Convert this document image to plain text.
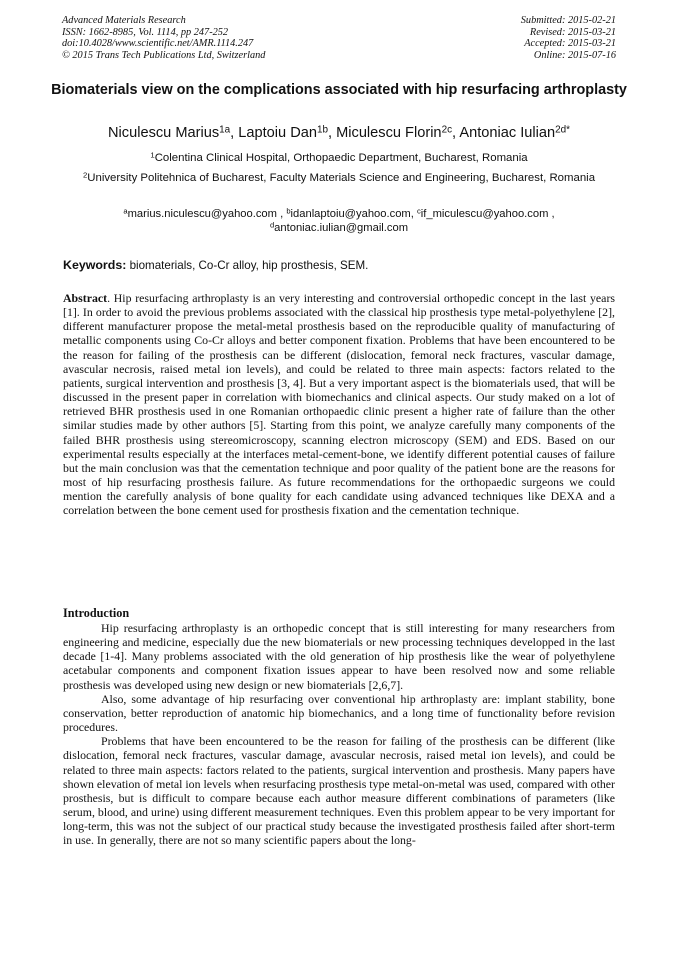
Advanced Materials Research
ISSN: 1662-8985, Vol. 1114, pp 247-252
doi:10.4028/www.scientific.net/AMR.1114.247
© 2015 Trans Tech Publications Ltd, Switzerland
Submitted: 2015-02-21
Revised: 2015-03-21
Accepted: 2015-03-21
Online: 2015-07-16
Biomaterials view on the complications associated with hip resurfacing arthroplasty
Niculescu Marius$^{1a}$, Laptoiu Dan$^{1b}$, Miculescu Florin$^{2c}$, Antoniac Iulian$^{2d*}$
$^1$Colentina Clinical Hospital, Orthopaedic Department, Bucharest, Romania
$^2$University Politehnica of Bucharest, Faculty Materials Science and Engineering, Bucharest, Romania
$^a$marius.niculescu@yahoo.com , $^b$idanlaptoiu@yahoo.com, $^c$if_miculescu@yahoo.com ,
$^d$antoniac.iulian@gmail.com
Keywords: biomaterials, Co-Cr alloy, hip prosthesis, SEM.
Abstract. Hip resurfacing arthroplasty is an very interesting and controversial orthopedic concept in the last years [1]. In order to avoid the previous problems associated with the classical hip prosthesis type metal-polyethylene [2], different manufacturer propose the metal-metal prosthesis based on the reproducible quality of manufacturing of metallic components using Co-Cr alloys and better component fixation. Problems that have been encountered to be the reason for failing of the prosthesis can be different (dislocation, femoral neck fractures, vascular damage, avascular necrosis, raised metal ion levels), and could be related to three main aspects: factors related to the patients, surgical intervention and prosthesis [3, 4]. But a very important aspect is the biomaterials used, that will be discussed in the present paper in correlation with biomechanics and clinical aspects. Our study maked on a lot of retrieved BHR prosthesis used in one Romanian orthopaedic clinic present a higher rate of failure than the other similar studies made by other authors [5]. Starting from this point, we analyze carefully many components of the failed BHR prosthesis using stereomicroscopy, scanning electron microscopy (SEM) and EDS. Based on our experimental results especially at the interfaces metal-cement-bone, we identify different potential causes of failure but the main conclusion was that the cementation technique and poor quality of the patient bone are the reasons for most of hip resurfacing prosthesis failure. As future recommendations for the orthopaedic surgeons we could mention the carefully analysis of bone quality for each candidate using advanced techniques like DEXA and a correlation between the bone cement used for prosthesis fixation and the cementation technique.
Introduction

Hip resurfacing arthroplasty is an orthopedic concept that is still interesting for many researchers from engineering and medicine, especially due the new biomaterials or new processing techniques developped in the last decade [1-4]. Many problems associated with the old generation of hip prosthesis like the wear of polyethylene acetabular components and component fixation issues appear to have been resolved now and some reliable prosthesis was developed using new design or new biomaterials [2,6,7].

Also, some advantage of hip resurfacing over conventional hip arthroplasty are: implant stability, bone conservation, better reproduction of anatomic hip biomechanics, and a long time of functionality before revision procedures.

Problems that have been encountered to be the reason for failing of the prosthesis can be different (like dislocation, femoral neck fractures, vascular damage, avascular necrosis, raised metal ion levels), and could be related to three main aspects: factors related to the patients, surgical intervention and prosthesis. Many papers have shown elevation of metal ion levels when resurfacing prosthesis type metal-on-metal was used, compared with other prosthesis, but is difficult to compare because each author measure different combinations of parameters (like serum, blood, and urine) using different measurement techniques. Even this problem appear to be very important for long-term, this was not the subject of our practical study because the investigated prosthesis failed after short-term in use. In generally, there are not so many scientific papers about the long-
